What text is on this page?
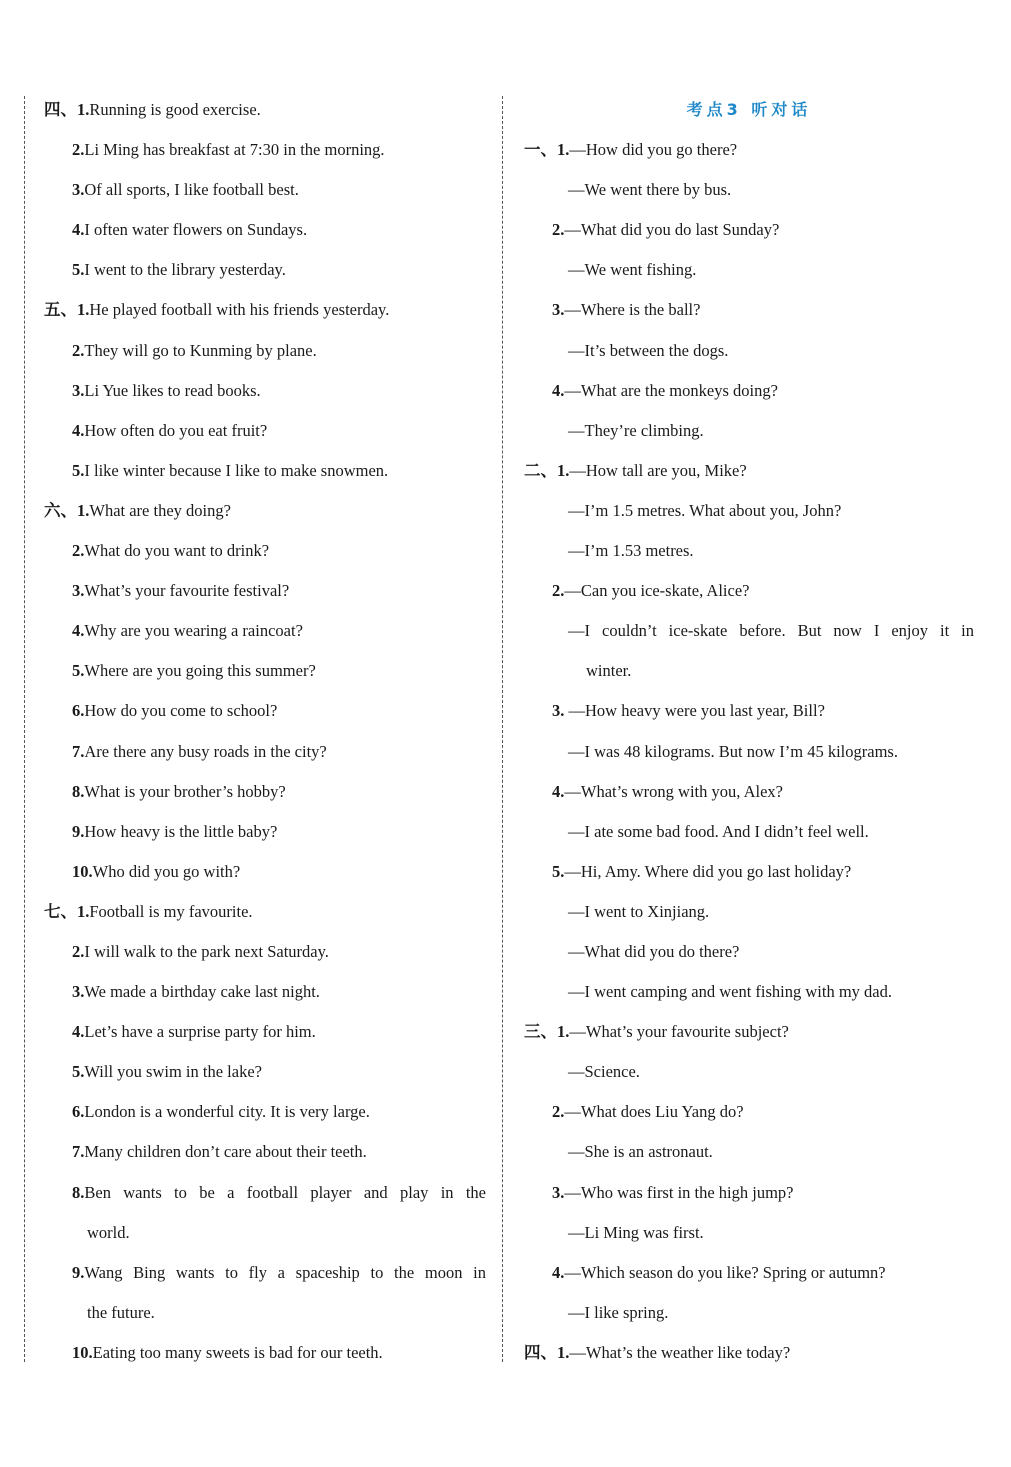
四、1.Running is good exercise.
2.Li Ming has breakfast at 7:30 in the morning.
3.Of all sports, I like football best.
4.I often water flowers on Sundays.
5.I went to the library yesterday.
五、1.He played football with his friends yesterday.
2.They will go to Kunming by plane.
3.Li Yue likes to read books.
4.How often do you eat fruit?
5.I like winter because I like to make snowmen.
六、1.What are they doing?
2.What do you want to drink?
3.What’s your favourite festival?
4.Why are you wearing a raincoat?
5.Where are you going this summer?
6.How do you come to school?
7.Are there any busy roads in the city?
8.What is your brother’s hobby?
9.How heavy is the little baby?
10.Who did you go with?
七、1.Football is my favourite.
2.I will walk to the park next Saturday.
3.We made a birthday cake last night.
4.Let’s have a surprise party for him.
5.Will you swim in the lake?
6.London is a wonderful city. It is very large.
7.Many children don’t care about their teeth.
8.Ben wants to be a football player and play in the
world.
9.Wang Bing wants to fly a spaceship to the moon in
the future.
10.Eating too many sweets is bad for our teeth.
考点3 听对话
一、1.—How did you go there?
—We went there by bus.
2.—What did you do last Sunday?
—We went fishing.
3.—Where is the ball?
—It’s between the dogs.
4.—What are the monkeys doing?
—They’re climbing.
二、1.—How tall are you, Mike?
—I’m 1.5 metres. What about you, John?
—I’m 1.53 metres.
2.—Can you ice-skate, Alice?
—I couldn’t ice-skate before. But now I enjoy it in
winter.
3. —How heavy were you last year, Bill?
—I was 48 kilograms. But now I’m 45 kilograms.
4.—What’s wrong with you, Alex?
—I ate some bad food. And I didn’t feel well.
5.—Hi, Amy. Where did you go last holiday?
—I went to Xinjiang.
—What did you do there?
—I went camping and went fishing with my dad.
三、1.—What’s your favourite subject?
—Science.
2.—What does Liu Yang do?
—She is an astronaut.
3.—Who was first in the high jump?
—Li Ming was first.
4.—Which season do you like? Spring or autumn?
—I like spring.
四、1.—What’s the weather like today?
